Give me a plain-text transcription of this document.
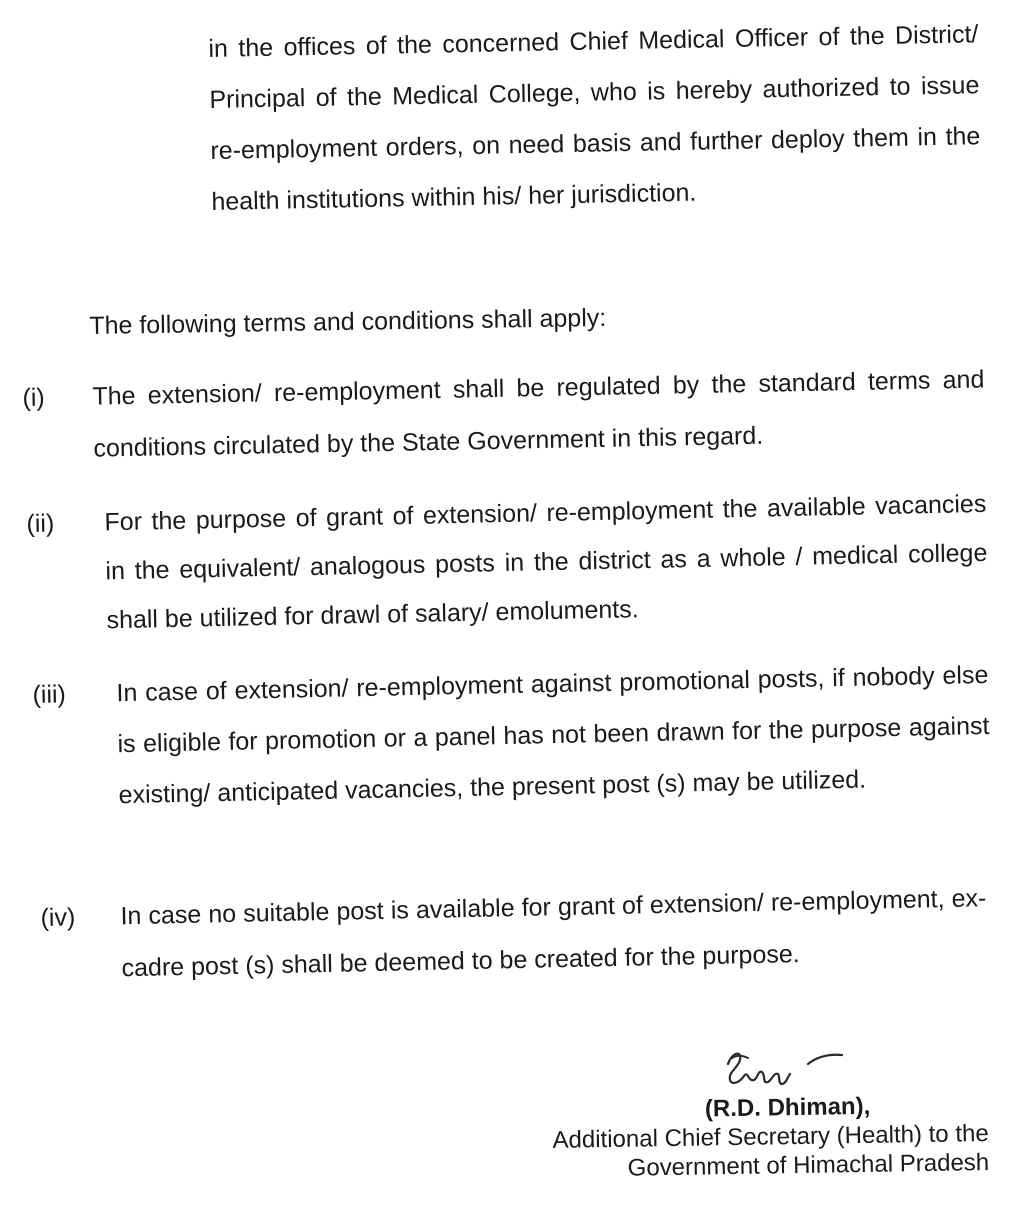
in the offices of the concerned Chief Medical Officer of the District/ Principal of the Medical College, who is hereby authorized to issue re-employment orders, on need basis and further deploy them in the health institutions within his/ her jurisdiction.
The following terms and conditions shall apply:
(i) The extension/ re-employment shall be regulated by the standard terms and conditions circulated by the State Government in this regard.
(ii) For the purpose of grant of extension/ re-employment the available vacancies in the equivalent/ analogous posts in the district as a whole / medical college shall be utilized for drawl of salary/ emoluments.
(iii) In case of extension/ re-employment against promotional posts, if nobody else is eligible for promotion or a panel has not been drawn for the purpose against existing/ anticipated vacancies, the present post (s) may be utilized.
(iv) In case no suitable post is available for grant of extension/ re-employment, ex-cadre post (s) shall be deemed to be created for the purpose.
(R.D. Dhiman),
Additional Chief Secretary (Health) to the
Government of Himachal Pradesh
